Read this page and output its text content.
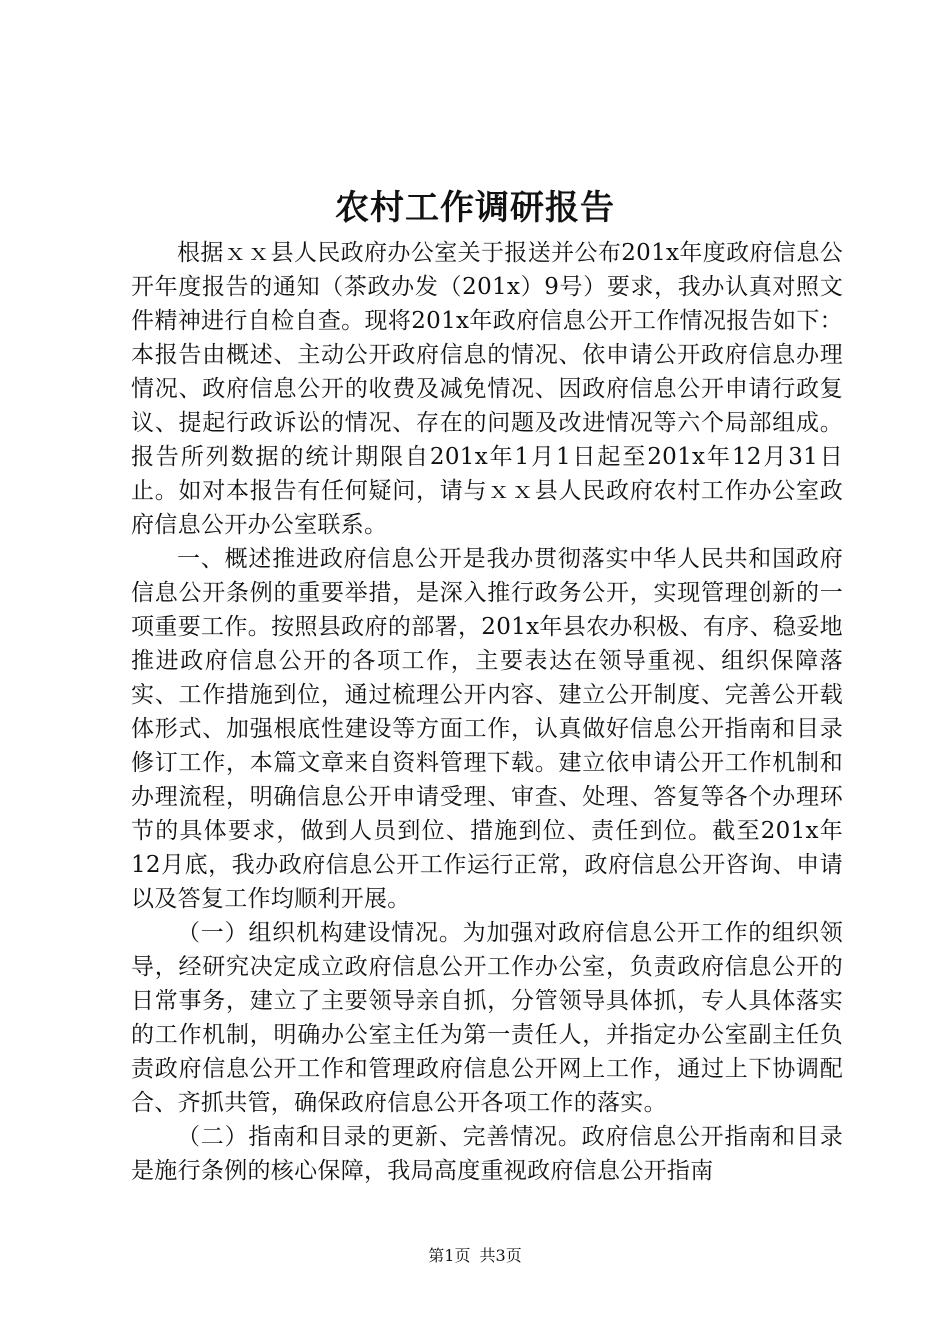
农村工作调研报告

根据ｘｘ县人民政府办公室关于报送并公布201x年度政府信息公开年度报告的通知（茶政办发（201x）9号）要求，我办认真对照文件精神进行自检自查。现将201x年政府信息公开工作情况报告如下：本报告由概述、主动公开政府信息的情况、依申请公开政府信息办理情况、政府信息公开的收费及减免情况、因政府信息公开申请行政复议、提起行政诉讼的情况、存在的问题及改进情况等六个局部组成。报告所列数据的统计期限自201x年1月1日起至201x年12月31日止。如对本报告有任何疑问，请与ｘｘ县人民政府农村工作办公室政府信息公开办公室联系。

一、概述推进政府信息公开是我办贯彻落实中华人民共和国政府信息公开条例的重要举措，是深入推行政务公开，实现管理创新的一项重要工作。按照县政府的部署，201x年县农办积极、有序、稳妥地推进政府信息公开的各项工作，主要表达在领导重视、组织保障落实、工作措施到位，通过梳理公开内容、建立公开制度、完善公开载体形式、加强根底性建设等方面工作，认真做好信息公开指南和目录修订工作，本篇文章来自资料管理下载。建立依申请公开工作机制和办理流程，明确信息公开申请受理、审查、处理、答复等各个办理环节的具体要求，做到人员到位、措施到位、责任到位。截至201x年12月底，我办政府信息公开工作运行正常，政府信息公开咨询、申请以及答复工作均顺利开展。

（一）组织机构建设情况。为加强对政府信息公开工作的组织领导，经研究决定成立政府信息公开工作办公室，负责政府信息公开的日常事务，建立了主要领导亲自抓，分管领导具体抓，专人具体落实的工作机制，明确办公室主任为第一责任人，并指定办公室副主任负责政府信息公开工作和管理政府信息公开网上工作，通过上下协调配合、齐抓共管，确保政府信息公开各项工作的落实。

（二）指南和目录的更新、完善情况。政府信息公开指南和目录是施行条例的核心保障，我局高度重视政府信息公开指南

第1页 共3页
